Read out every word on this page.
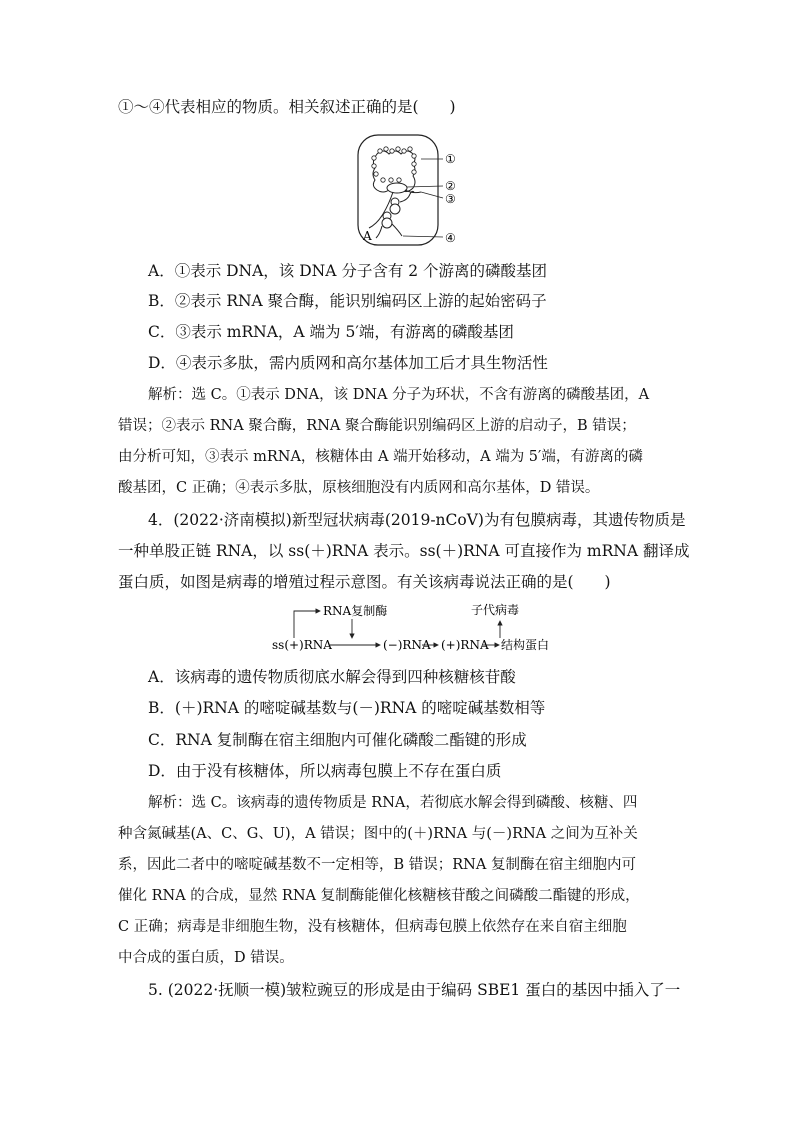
①～④代表相应的物质。相关叙述正确的是(　　)
①
②
③
④
A
A．①表示 DNA，该 DNA 分子含有 2 个游离的磷酸基团
B．②表示 RNA 聚合酶，能识别编码区上游的起始密码子
C．③表示 mRNA，A 端为 5′端，有游离的磷酸基团
D．④表示多肽，需内质网和高尔基体加工后才具生物活性
解析：选 C。①表示 DNA，该 DNA 分子为环状，不含有游离的磷酸基团，A
错误；②表示 RNA 聚合酶，RNA 聚合酶能识别编码区上游的启动子，B 错误；
由分析可知，③表示 mRNA，核糖体由 A 端开始移动，A 端为 5′端，有游离的磷
酸基团，C 正确；④表示多肽，原核细胞没有内质网和高尔基体，D 错误。
4．(2022·济南模拟)新型冠状病毒(2019-nCoV)为有包膜病毒，其遗传物质是
一种单股正链 RNA，以 ss(＋)RNA 表示。ss(＋)RNA 可直接作为 mRNA 翻译成
蛋白质，如图是病毒的增殖过程示意图。有关该病毒说法正确的是(　　)
ss(+)RNA
RNA复制酶
(−)RNA (+)RNA 结构蛋白
子代病毒
A．该病毒的遗传物质彻底水解会得到四种核糖核苷酸
B．(＋)RNA 的嘧啶碱基数与(－)RNA 的嘧啶碱基数相等
C．RNA 复制酶在宿主细胞内可催化磷酸二酯键的形成
D．由于没有核糖体，所以病毒包膜上不存在蛋白质
解析：选 C。该病毒的遗传物质是 RNA，若彻底水解会得到磷酸、核糖、四
种含氮碱基(A、C、G、U)，A 错误；图中的(＋)RNA 与(－)RNA 之间为互补关
系，因此二者中的嘧啶碱基数不一定相等，B 错误；RNA 复制酶在宿主细胞内可
催化 RNA 的合成，显然 RNA 复制酶能催化核糖核苷酸之间磷酸二酯键的形成，
C 正确；病毒是非细胞生物，没有核糖体，但病毒包膜上依然存在来自宿主细胞
中合成的蛋白质，D 错误。
5. (2022·抚顺一模)皱粒豌豆的形成是由于编码 SBE1 蛋白的基因中插入了一
